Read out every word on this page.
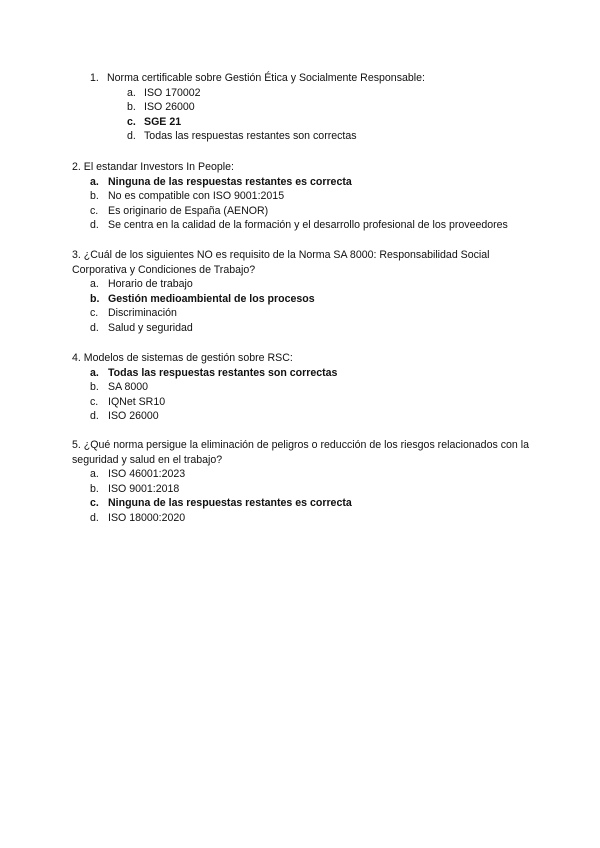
1. Norma certificable sobre Gestión Ética y Socialmente Responsable:

a. ISO 170002
b. ISO 26000
c. SGE 21
d. Todas las respuestas restantes son correctas

2. El estandar Investors In People:

a. Ninguna de las respuestas restantes es correcta
b. No es compatible con ISO 9001:2015
c. Es originario de España (AENOR)
d. Se centra en la calidad de la formación y el desarrollo profesional de los proveedores

3. ¿Cuál de los siguientes NO es requisito de la Norma SA 8000: Responsabilidad Social Corporativa y Condiciones de Trabajo?

a. Horario de trabajo
b. Gestión medioambiental de los procesos
c. Discriminación
d. Salud y seguridad

4. Modelos de sistemas de gestión sobre RSC:

a. Todas las respuestas restantes son correctas
b. SA 8000
c. IQNet SR10
d. ISO 26000

5. ¿Qué norma persigue la eliminación de peligros o reducción de los riesgos relacionados con la seguridad y salud en el trabajo?

a. ISO 46001:2023
b. ISO 9001:2018
c. Ninguna de las respuestas restantes es correcta
d. ISO 18000:2020
